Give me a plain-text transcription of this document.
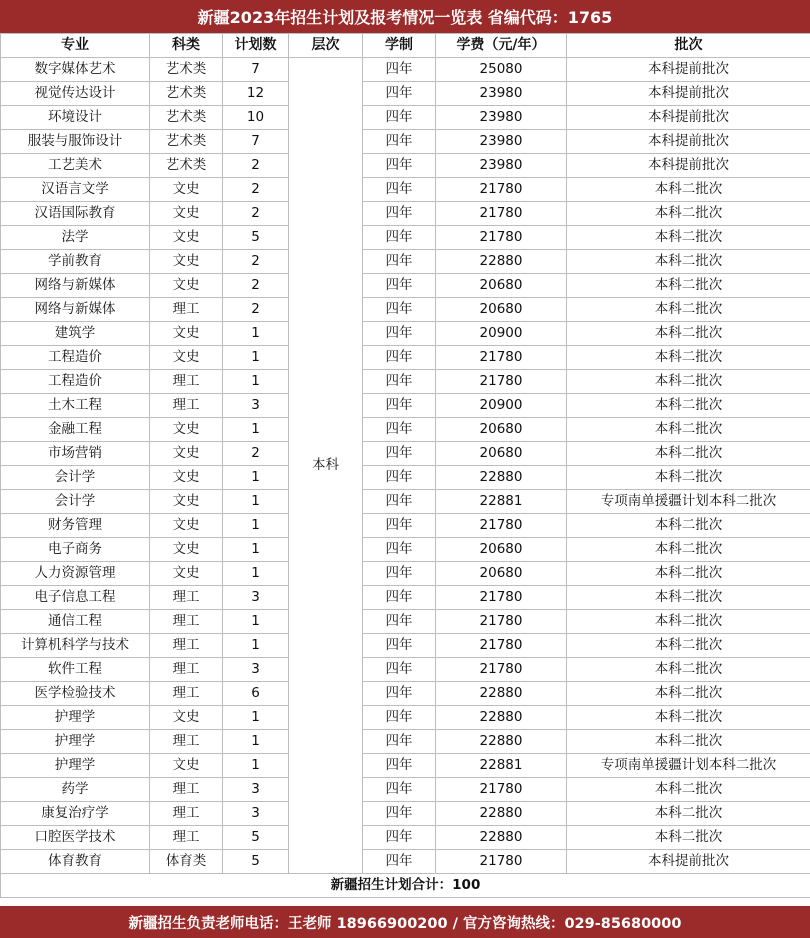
新疆2023年招生计划及报考情况一览表 省编代码：1765
专业	科类	计划数	层次	学制	学费（元/年）	批次
数字媒体艺术	艺术类	7	本科	四年	25080	本科提前批次
视觉传达设计	艺术类	12		四年	23980	本科提前批次
环境设计	艺术类	10		四年	23980	本科提前批次
服装与服饰设计	艺术类	7		四年	23980	本科提前批次
工艺美术	艺术类	2		四年	23980	本科提前批次
汉语言文学	文史	2		四年	21780	本科二批次
汉语国际教育	文史	2		四年	21780	本科二批次
法学	文史	5		四年	21780	本科二批次
学前教育	文史	2		四年	22880	本科二批次
网络与新媒体	文史	2		四年	20680	本科二批次
网络与新媒体	理工	2		四年	20680	本科二批次
建筑学	文史	1		四年	20900	本科二批次
工程造价	文史	1		四年	21780	本科二批次
工程造价	理工	1		四年	21780	本科二批次
土木工程	理工	3		四年	20900	本科二批次
金融工程	文史	1		四年	20680	本科二批次
市场营销	文史	2		四年	20680	本科二批次
会计学	文史	1		四年	22880	本科二批次
会计学	文史	1		四年	22881	专项南单援疆计划本科二批次
财务管理	文史	1		四年	21780	本科二批次
电子商务	文史	1		四年	20680	本科二批次
人力资源管理	文史	1		四年	20680	本科二批次
电子信息工程	理工	3		四年	21780	本科二批次
通信工程	理工	1		四年	21780	本科二批次
计算机科学与技术	理工	1		四年	21780	本科二批次
软件工程	理工	3		四年	21780	本科二批次
医学检验技术	理工	6		四年	22880	本科二批次
护理学	文史	1		四年	22880	本科二批次
护理学	理工	1		四年	22880	本科二批次
护理学	文史	1		四年	22881	专项南单援疆计划本科二批次
药学	理工	3		四年	21780	本科二批次
康复治疗学	理工	3		四年	22880	本科二批次
口腔医学技术	理工	5		四年	22880	本科二批次
体育教育	体育类	5		四年	21780	本科提前批次
新疆招生计划合计：100						
新疆招生负责老师电话：王老师 18966900200 / 官方咨询热线：029-85680000
